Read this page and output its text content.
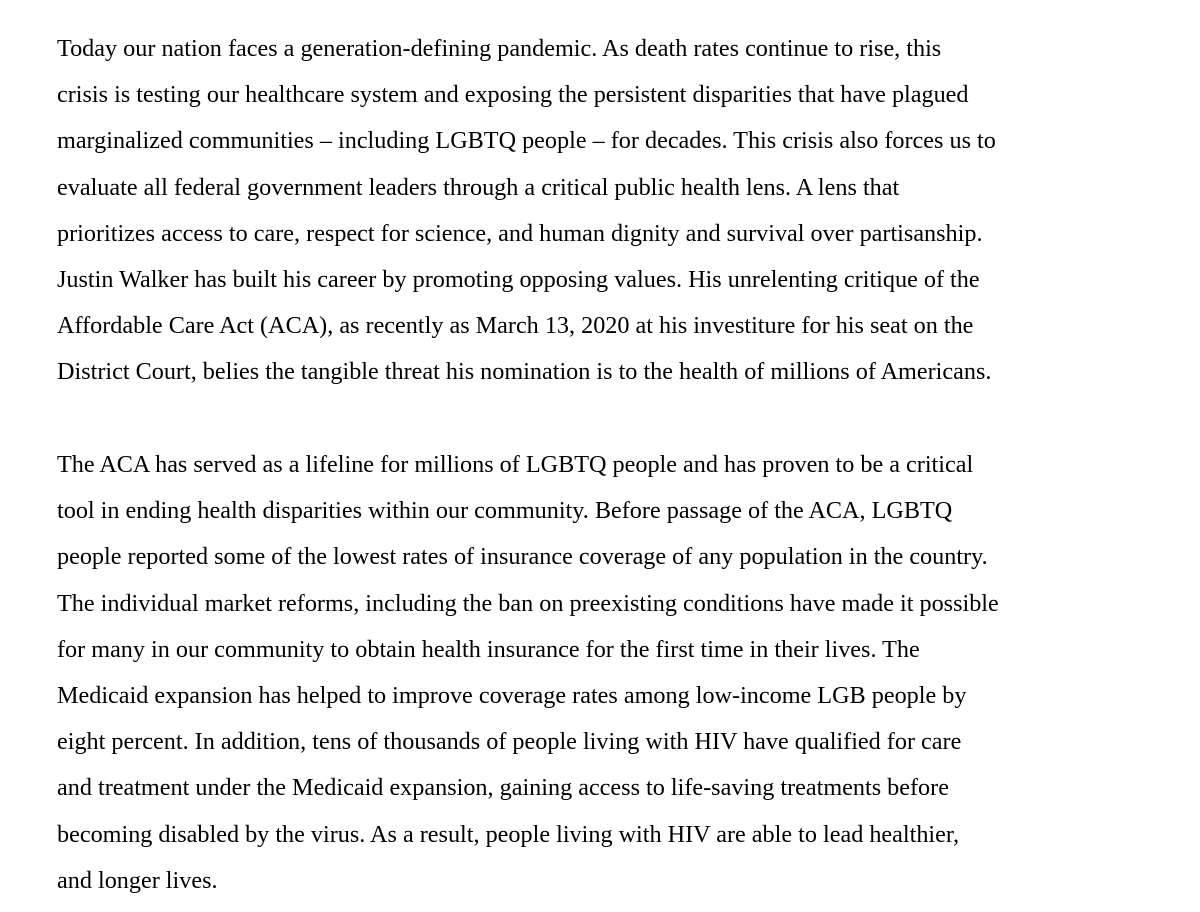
Today our nation faces a generation-defining pandemic. As death rates continue to rise, this
crisis is testing our healthcare system and exposing the persistent disparities that have plagued
marginalized communities – including LGBTQ people – for decades. This crisis also forces us to
evaluate all federal government leaders through a critical public health lens. A lens that
prioritizes access to care, respect for science, and human dignity and survival over partisanship.
Justin Walker has built his career by promoting opposing values. His unrelenting critique of the
Affordable Care Act (ACA), as recently as March 13, 2020 at his investiture for his seat on the
District Court, belies the tangible threat his nomination is to the health of millions of Americans.
The ACA has served as a lifeline for millions of LGBTQ people and has proven to be a critical
tool in ending health disparities within our community. Before passage of the ACA, LGBTQ
people reported some of the lowest rates of insurance coverage of any population in the country.
The individual market reforms, including the ban on preexisting conditions have made it possible
for many in our community to obtain health insurance for the first time in their lives. The
Medicaid expansion has helped to improve coverage rates among low-income LGB people by
eight percent. In addition, tens of thousands of people living with HIV have qualified for care
and treatment under the Medicaid expansion, gaining access to life-saving treatments before
becoming disabled by the virus. As a result, people living with HIV are able to lead healthier,
and longer lives.
